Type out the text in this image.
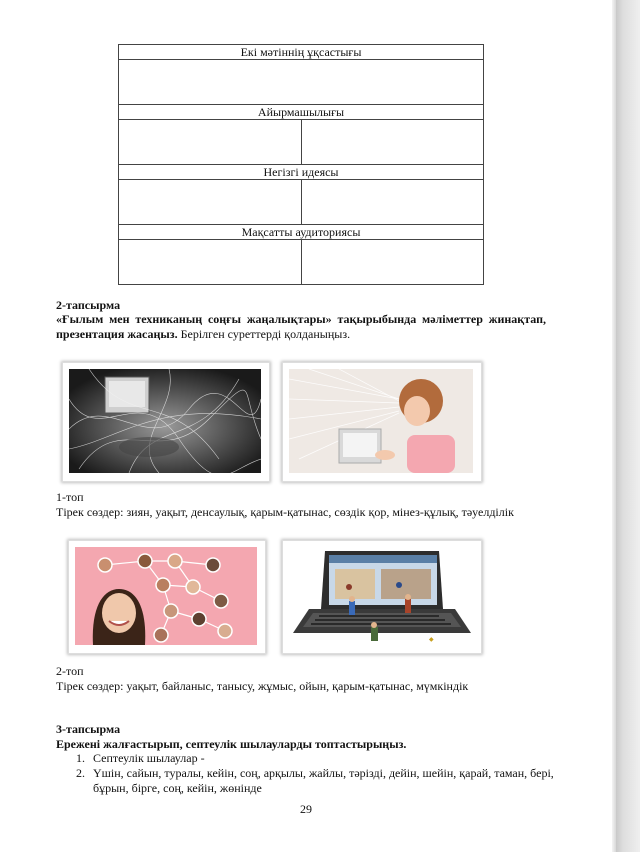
Екі мәтіннің ұқсастығы	

Айырмашылығы	

Негізгі идеясы	

Мақсатты аудиториясы	

2-тапсырма
«Ғылым мен техниканың соңғы жаңалықтары» тақырыбында мәліметтер жинақтап, презентация жасаңыз. Берілген суреттерді қолданыңыз.
1-топ
Тірек сөздер: зиян, уақыт, денсаулық, қарым-қатынас, сөздік қор, мінез-құлық, тәуелділік
◆
2-топ
Тірек сөздер: уақыт, байланыс, танысу, жұмыс, ойын, қарым-қатынас, мүмкіндік
3-тапсырма
Ережені жалғастырып, септеулік шылауларды топтастырыңыз.
1. Септеулік шылаулар -
2. Үшін, сайын, туралы, кейін, соң, арқылы, жайлы, тәрізді, дейін, шейін, қарай, таман, бері, бұрын, бірге, соң, кейін, жөнінде
29
